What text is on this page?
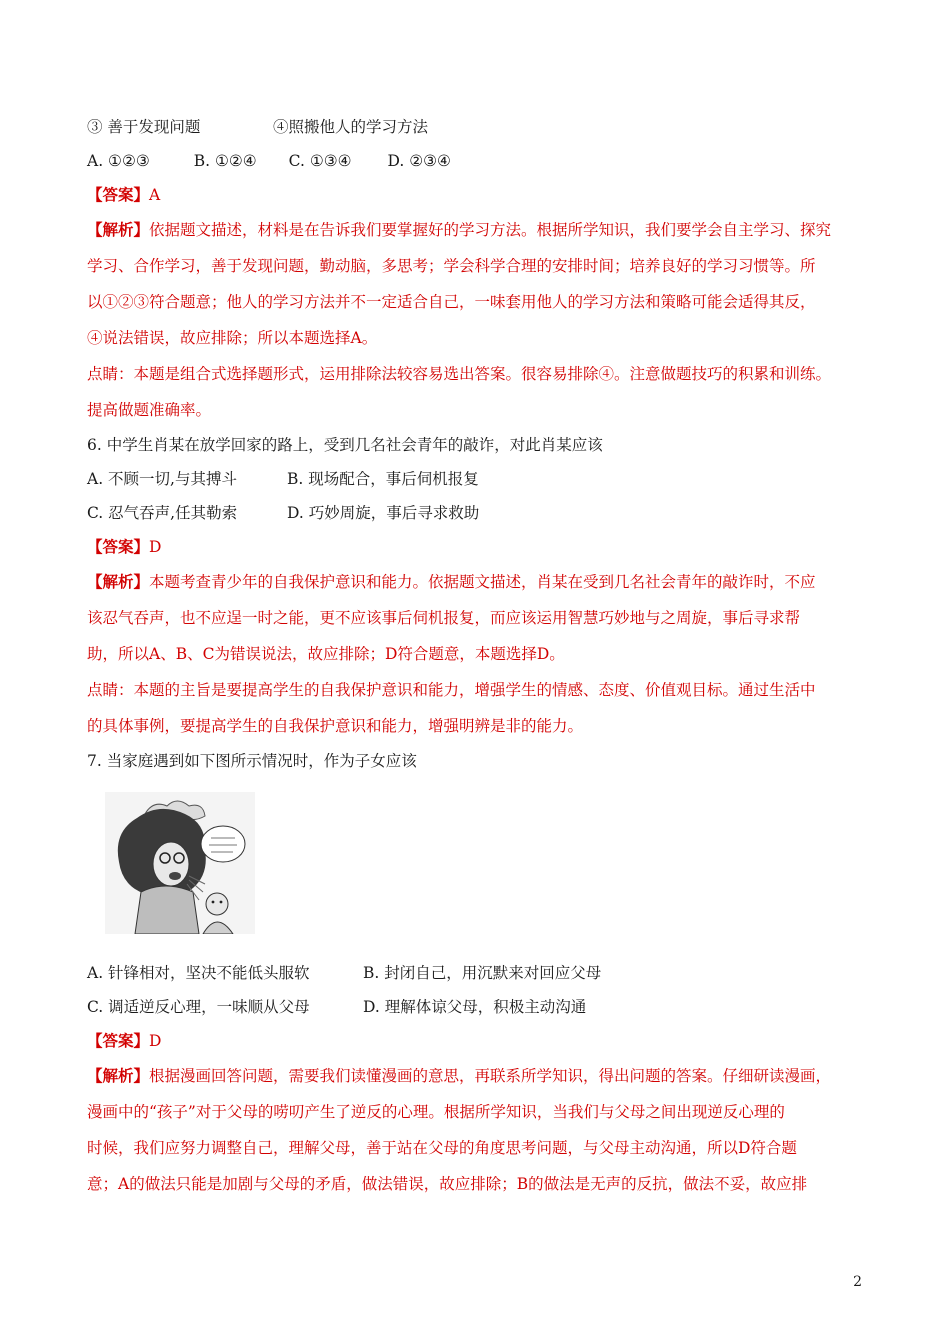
③ 善于发现问题	④照搬他人的学习方法
A. ①②③	B. ①②④ C. ①③④ D. ②③④
【答案】A
【解析】依据题文描述，材料是在告诉我们要掌握好的学习方法。根据所学知识，我们要学会自主学习、探究
学习、合作学习，善于发现问题，勤动脑，多思考；学会科学合理的安排时间；培养良好的学习习惯等。所
以①②③符合题意；他人的学习方法并不一定适合自己，一味套用他人的学习方法和策略可能会适得其反，
④说法错误，故应排除；所以本题选择A。
点睛：本题是组合式选择题形式，运用排除法较容易选出答案。很容易排除④。注意做题技巧的积累和训练。
提高做题准确率。
6. 中学生肖某在放学回家的路上，受到几名社会青年的敲诈，对此肖某应该
A. 不顾一切,与其搏斗	B. 现场配合，事后伺机报复
C. 忍气吞声,任其勒索	D. 巧妙周旋，事后寻求救助
【答案】D
【解析】本题考查青少年的自我保护意识和能力。依据题文描述，肖某在受到几名社会青年的敲诈时，不应
该忍气吞声，也不应逞一时之能，更不应该事后伺机报复，而应该运用智慧巧妙地与之周旋，事后寻求帮
助，所以A、B、C为错误说法，故应排除；D符合题意，本题选择D。
点睛：本题的主旨是要提高学生的自我保护意识和能力，增强学生的情感、态度、价值观目标。通过生活中
的具体事例，要提高学生的自我保护意识和能力，增强明辨是非的能力。
7. 当家庭遇到如下图所示情况时，作为子女应该
A. 针锋相对，坚决不能低头服软	B. 封闭自己，用沉默来对回应父母
C. 调适逆反心理，一味顺从父母	D. 理解体谅父母，积极主动沟通
【答案】D
【解析】根据漫画回答问题，需要我们读懂漫画的意思，再联系所学知识，得出问题的答案。仔细研读漫画，
漫画中的“孩子”对于父母的唠叨产生了逆反的心理。根据所学知识，当我们与父母之间出现逆反心理的
时候，我们应努力调整自己，理解父母，善于站在父母的角度思考问题，与父母主动沟通，所以D符合题
意；A的做法只能是加剧与父母的矛盾，做法错误，故应排除；B的做法是无声的反抗，做法不妥，故应排
2
